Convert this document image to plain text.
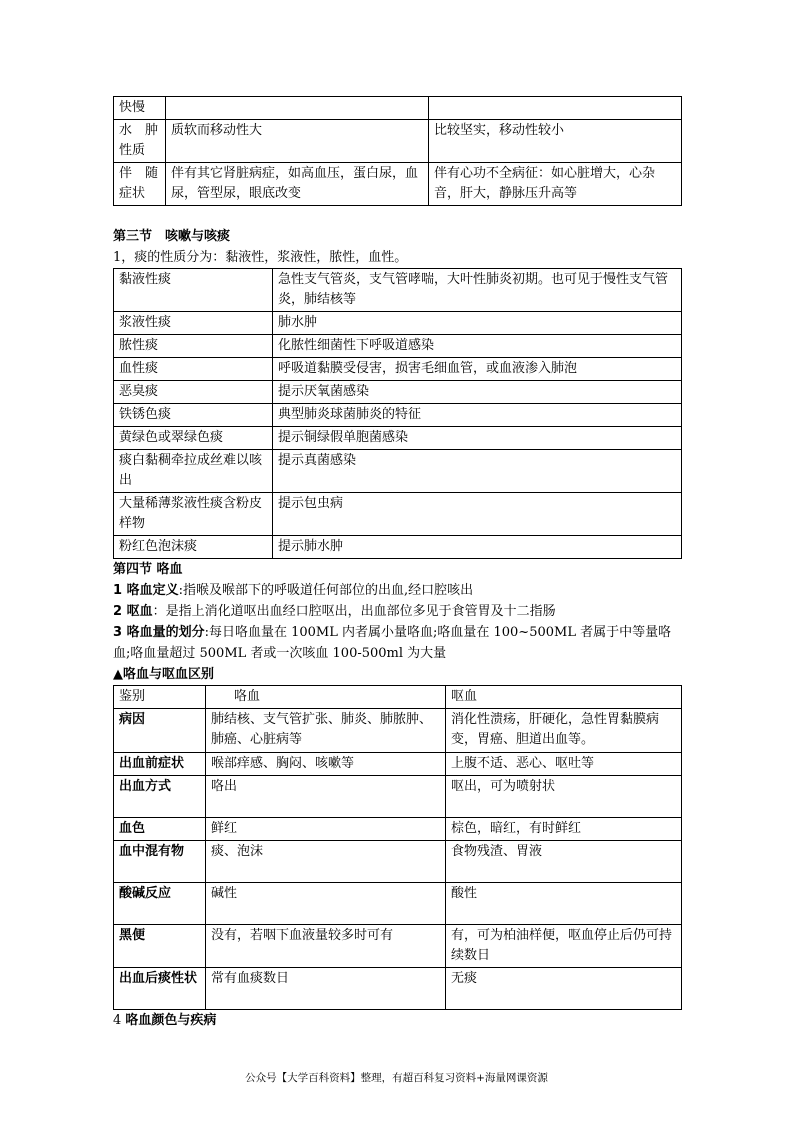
快慢		
水　肿性质	质软而移动性大	比较坚实，移动性较小
伴　随症状	伴有其它肾脏病症，如高血压，蛋白尿，血尿，管型尿，眼底改变	伴有心功不全病征：如心脏增大，心杂音，肝大，静脉压升高等
第三节　咳嗽与咳痰

1，痰的性质分为：黏液性，浆液性，脓性，血性。

黏液性痰	急性支气管炎，支气管哮喘，大叶性肺炎初期。也可见于慢性支气管炎，肺结核等
浆液性痰	肺水肿
脓性痰	化脓性细菌性下呼吸道感染
血性痰	呼吸道黏膜受侵害，损害毛细血管，或血液渗入肺泡
恶臭痰	提示厌氧菌感染
铁锈色痰	典型肺炎球菌肺炎的特征
黄绿色或翠绿色痰	提示铜绿假单胞菌感染
痰白黏稠牵拉成丝难以咳出	提示真菌感染
大量稀薄浆液性痰含粉皮样物	提示包虫病
粉红色泡沫痰	提示肺水肿
第四节 咯血

1 咯血定义:指喉及喉部下的呼吸道任何部位的出血,经口腔咳出

2 呕血：是指上消化道呕出血经口腔呕出，出血部位多见于食管胃及十二指肠

3 咯血量的划分:每日咯血量在 100ML 内者属小量咯血;咯血量在 100~500ML 者属于中等量咯血;咯血量超过 500ML 者或一次咳血 100-500ml 为大量

▲咯血与呕血区别
鉴别	咯血	呕血
病因	肺结核、支气管扩张、肺炎、肺脓肿、肺癌、心脏病等	消化性溃疡，肝硬化，急性胃黏膜病变，胃癌、胆道出血等。
出血前症状	喉部痒感、胸闷、咳嗽等	上腹不适、恶心、呕吐等
出血方式	咯出	呕出，可为喷射状
血色	鲜红	棕色，暗红，有时鲜红
血中混有物	痰、泡沫	食物残渣、胃液
酸碱反应	碱性	酸性
黑便	没有，若咽下血液量较多时可有	有，可为柏油样便，呕血停止后仍可持续数日
出血后痰性状	常有血痰数日	无痰

4 咯血颜色与疾病

公众号【大学百科资料】整理，有超百科复习资料+海量网课资源
